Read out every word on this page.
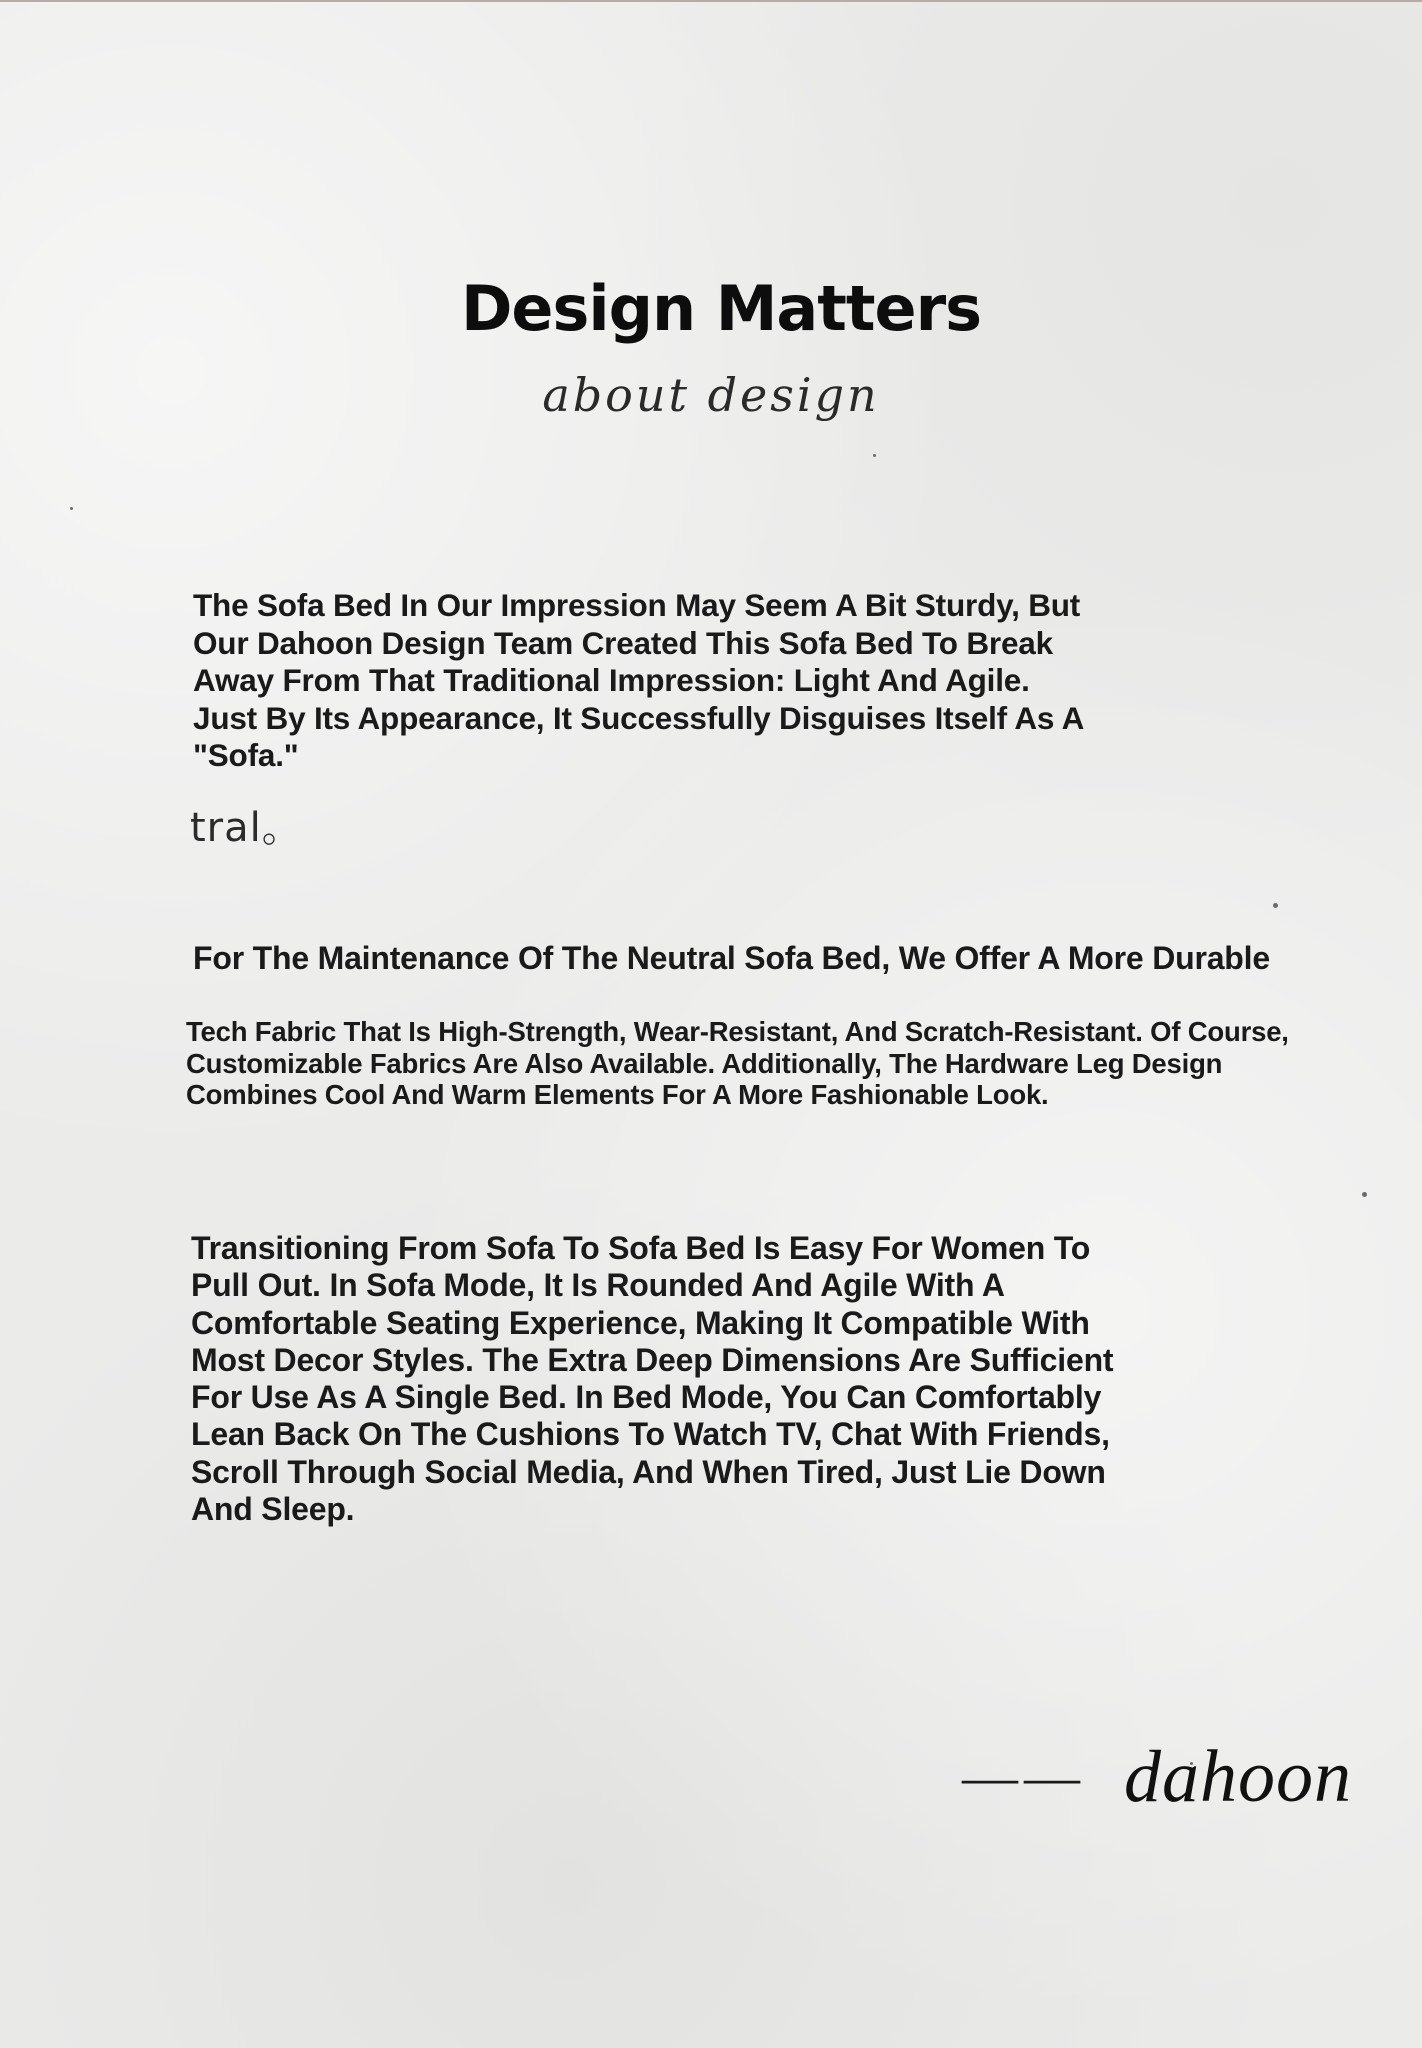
Design Matters
about design

The Sofa Bed In Our Impression May Seem A Bit Sturdy, But Our Dahoon Design Team Created This Sofa Bed To Break Away From That Traditional Impression: Light And Agile. Just By Its Appearance, It Successfully Disguises Itself As A "Sofa."

tral。

For The Maintenance Of The Neutral Sofa Bed, We Offer A More Durable

Tech Fabric That Is High-Strength, Wear-Resistant, And Scratch-Resistant. Of Course, Customizable Fabrics Are Also Available. Additionally, The Hardware Leg Design Combines Cool And Warm Elements For A More Fashionable Look.

Transitioning From Sofa To Sofa Bed Is Easy For Women To Pull Out. In Sofa Mode, It Is Rounded And Agile With A Comfortable Seating Experience, Making It Compatible With Most Decor Styles. The Extra Deep Dimensions Are Sufficient For Use As A Single Bed. In Bed Mode, You Can Comfortably Lean Back On The Cushions To Watch TV, Chat With Friends, Scroll Through Social Media, And When Tired, Just Lie Down And Sleep.

—— dahoon
